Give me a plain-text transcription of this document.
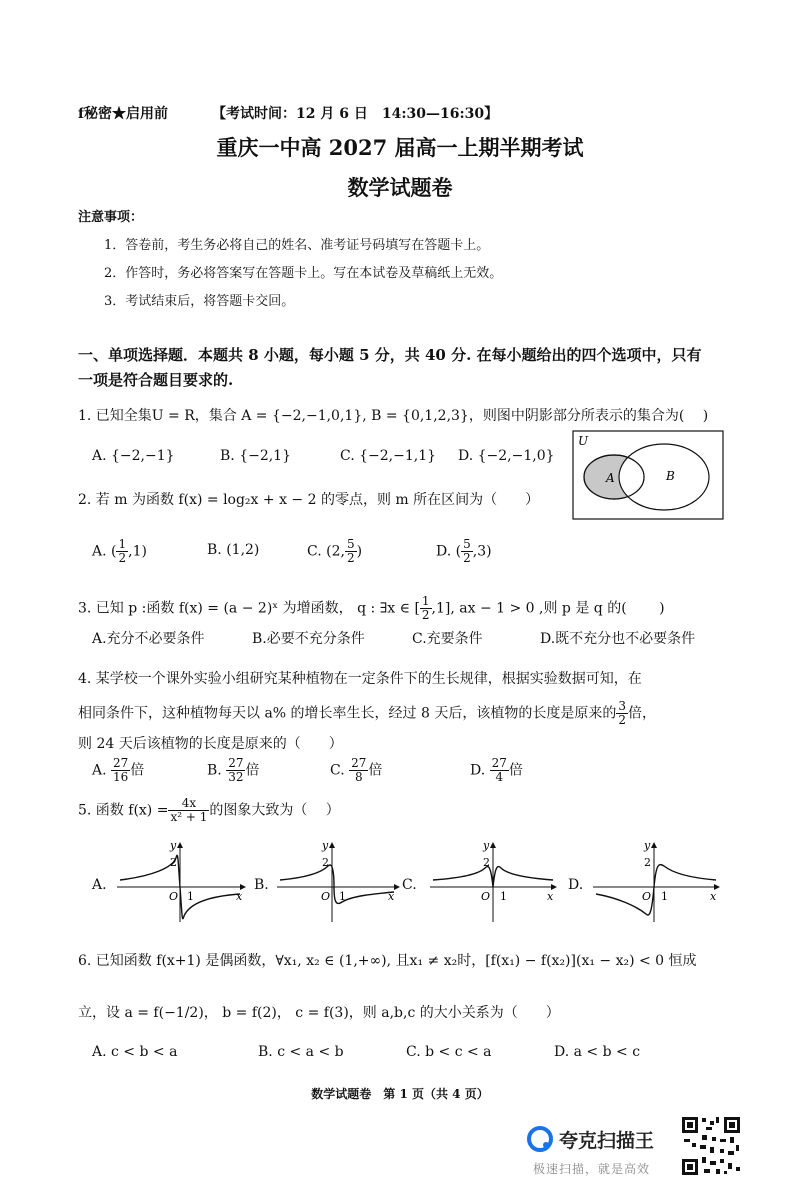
f秘密★启用前	【考试时间：12 月 6 日　14:30—16:30】
重庆一中高 2027 届高一上期半期考试
数学试题卷
注意事项：
1．答卷前，考生务必将自己的姓名、准考证号码填写在答题卡上。
2．作答时，务必将答案写在答题卡上。写在本试卷及草稿纸上无效。
3．考试结束后，将答题卡交回。
一、单项选择题．本题共 8 小题，每小题 5 分，共 40 分. 在每小题给出的四个选项中，只有
一项是符合题目要求的.
1. 已知全集U = R，集合 A = {−2,−1,0,1}, B = {0,1,2,3}，则图中阴影部分所表示的集合为(　 )
A. {−2,−1}	B. {−2,1}	C. {−2,−1,1} D. {−2,−1,0}
U
A	B
2. 若 m 为函数 f(x) = log₂x + x − 2 的零点，则 m 所在区间为（　　）
A. ( $\frac{1}{2} ,1$)	B. (1,2)	C. (2, $\frac{5}{2}$ )	D. ( $\frac{5}{2} ,3$)
3. 已知 p :函数 f(x) = (a − 2)ˣ 为增函数， q : ∃x ∈ [ $\frac{1}{2} ,1$], ax − 1 > 0 ,则 p 是 q 的(　　 )
A.充分不必要条件	B.必要不充分条件	C.充要条件	D.既不充分也不必要条件
4. 某学校一个课外实验小组研究某种植物在一定条件下的生长规律，根据实验数据可知，在
相同条件下，这种植物每天以 a% 的增长率生长，经过 8 天后，该植物的长度是原来的 $\frac{3}{2}$ 倍，
则 24 天后该植物的长度是原来的（　　）
A. $\frac{27}{16}$ 倍	B. $\frac{27}{32}$ 倍	C. $\frac{27}{8}$ 倍	D. $\frac{27}{4}$ 倍
5. 函数 $f(x) = \frac{4x}{\text{x² + 1}}$ 的图象大致为（　 ）
A.	B.	C.	D.
y
2
O 1	x
y
2
O 1	x
y
2
O 1	x
y
2
O 1	x
6. 已知函数 f(x+1) 是偶函数，∀x₁, x₂ ∈ (1,+∞), 且x₁ ≠ x₂时，[f(x₁) − f(x₂)](x₁ − x₂) < 0 恒成
立，设 a = f(−1/2)， b = f(2)， c = f(3)，则 a,b,c 的大小关系为（　　）
A. c < b < a	B. c < a < b	C. b < c < a	D. a < b < c
数学试题卷　第 1 页（共 4 页）
夸克扫描王
极速扫描，就是高效
